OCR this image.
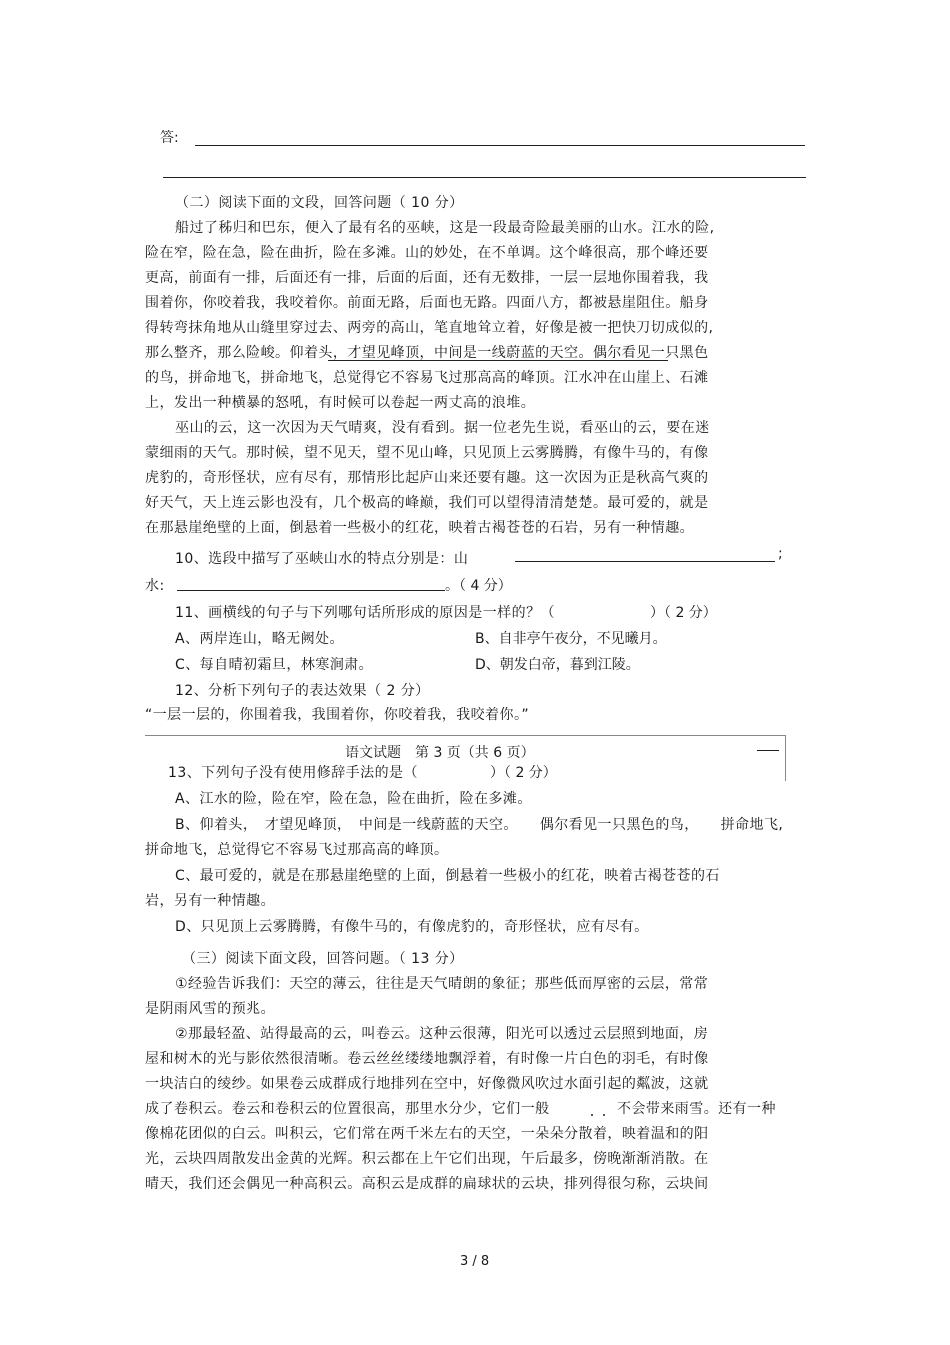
答:
（二）阅读下面的文段，回答问题（ 10 分）
船过了秭归和巴东，便入了最有名的巫峡，这是一段最奇险最美丽的山水。江水的险,
险在窄，险在急，险在曲折，险在多滩。山的妙处，在不单调。这个峰很高，那个峰还要
更高，前面有一排，后面还有一排，后面的后面，还有无数排，一层一层地你围着我，我
围着你，你咬着我，我咬着你。前面无路，后面也无路。四面八方，都被悬崖阻住。船身
得转弯抹角地从山缝里穿过去、两旁的高山，笔直地耸立着，好像是被一把快刀切成似的,
那么整齐，那么险峻。仰着头，才望见峰顶，中间是一线蔚蓝的天空。偶尔看见一只黑色
的鸟，拼命地飞，拼命地飞，总觉得它不容易飞过那高高的峰顶。江水冲在山崖上、石滩
上，发出一种横暴的怒吼，有时候可以卷起一两丈高的浪堆。
巫山的云，这一次因为天气晴爽，没有看到。据一位老先生说，看巫山的云，要在迷
蒙细雨的天气。那时候，望不见天，望不见山峰，只见顶上云雾腾腾，有像牛马的，有像
虎豹的，奇形怪状，应有尽有，那情形比起庐山来还要有趣。这一次因为正是秋高气爽的
好天气，天上连云影也没有，几个极高的峰巅，我们可以望得清清楚楚。最可爱的，就是
在那悬崖绝壁的上面，倒悬着一些极小的红花，映着古褐苍苍的石岩，另有一种情趣。
10、选段中描写了巫峡山水的特点分别是：山	;
水:	。（ 4 分）
11、画横线的句子与下列哪句话所形成的原因是一样的？（	）（ 2 分）
A、两岸连山，略无阙处。	B、自非亭午夜分，不见曦月。
C、每自晴初霜旦，林寒涧肃。	D、朝发白帝，暮到江陵。
12、分析下列句子的表达效果（ 2 分）
“一层一层的，你围着我，我围着你，你咬着我，我咬着你。”
语文试题　第 3 页（共 6 页）
13、下列句子没有使用修辞手法的是（	）（ 2 分）
A、江水的险，险在窄，险在急，险在曲折，险在多滩。
B、仰着头，　才望见峰顶，　中间是一线蔚蓝的天空。　　偶尔看见一只黑色的鸟，　　拼命地飞,
拼命地飞，总觉得它不容易飞过那高高的峰顶。
C、最可爱的，就是在那悬崖绝壁的上面，倒悬着一些极小的红花，映着古褐苍苍的石
岩，另有一种情趣。
D、只见顶上云雾腾腾，有像牛马的，有像虎豹的，奇形怪状，应有尽有。
（三）阅读下面文段，回答问题。（ 13 分）
①经验告诉我们：天空的薄云，往往是天气晴朗的象征；那些低而厚密的云层，常常
是阴雨风雪的预兆。
②那最轻盈、站得最高的云，叫卷云。这种云很薄，阳光可以透过云层照到地面，房
屋和树木的光与影依然很清晰。卷云丝丝缕缕地飘浮着，有时像一片白色的羽毛，有时像
一块洁白的绫纱。如果卷云成群成行地排列在空中，好像微风吹过水面引起的粼波，这就
成了卷积云。卷云和卷积云的位置很高，那里水分少，它们一般	不会带来雨雪。还有一种
像棉花团似的白云。叫积云，它们常在两千米左右的天空，一朵朵分散着，映着温和的阳
光，云块四周散发出金黄的光辉。积云都在上午它们出现，午后最多，傍晚渐渐消散。在
晴天，我们还会偶见一种高积云。高积云是成群的扁球状的云块，排列得很匀称，云块间
3 / 8
